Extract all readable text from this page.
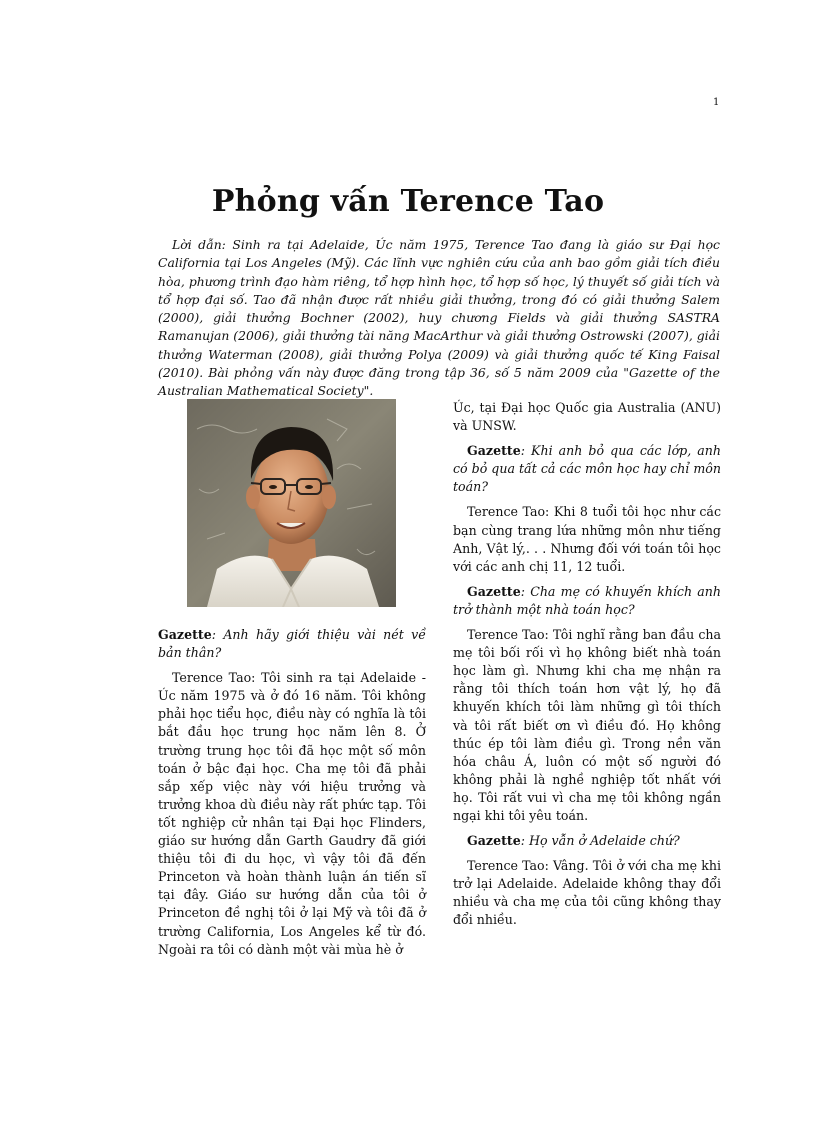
1
Phỏng vấn Terence Tao
Lời dẫn: Sinh ra tại Adelaide, Úc năm 1975, Terence Tao đang là giáo sư Đại học California tại Los Angeles (Mỹ). Các lĩnh vực nghiên cứu của anh bao gồm giải tích điều hòa, phương trình đạo hàm riêng, tổ hợp hình học, tổ hợp số học, lý thuyết số giải tích và tổ hợp đại số. Tao đã nhận được rất nhiều giải thưởng, trong đó có giải thưởng Salem (2000), giải thưởng Bochner (2002), huy chương Fields và giải thưởng SASTRA Ramanujan (2006), giải thưởng tài năng MacArthur và giải thưởng Ostrowski (2007), giải thưởng Waterman (2008), giải thưởng Polya (2009) và giải thưởng quốc tế King Faisal (2010). Bài phỏng vấn này được đăng trong tập 36, số 5 năm 2009 của "Gazette of the Australian Mathematical Society".

Gazette: Anh hãy giới thiệu vài nét về bản thân?

Terence Tao: Tôi sinh ra tại Adelaide - Úc năm 1975 và ở đó 16 năm. Tôi không phải học tiểu học, điều này có nghĩa là tôi bắt đầu học trung học năm lên 8. Ở trường trung học tôi đã học một số môn toán ở bậc đại học. Cha mẹ tôi đã phải sắp xếp việc này với hiệu trưởng và trưởng khoa dù điều này rất phức tạp. Tôi tốt nghiệp cử nhân tại Đại học Flinders, giáo sư hướng dẫn Garth Gaudry đã giới thiệu tôi đi du học, vì vậy tôi đã đến Princeton và hoàn thành luận án tiến sĩ tại đây. Giáo sư hướng dẫn của tôi ở Princeton đề nghị tôi ở lại Mỹ và tôi đã ở trường California, Los Angeles kể từ đó. Ngoài ra tôi có dành một vài mùa hè ở

Úc, tại Đại học Quốc gia Australia (ANU) và UNSW.

Gazette: Khi anh bỏ qua các lớp, anh có bỏ qua tất cả các môn học hay chỉ môn toán?

Terence Tao: Khi 8 tuổi tôi học như các bạn cùng trang lứa những môn như tiếng Anh, Vật lý,. . . Nhưng đối với toán tôi học với các anh chị 11, 12 tuổi.

Gazette: Cha mẹ có khuyến khích anh trở thành một nhà toán học?

Terence Tao: Tôi nghĩ rằng ban đầu cha mẹ tôi bối rối vì họ không biết nhà toán học làm gì. Nhưng khi cha mẹ nhận ra rằng tôi thích toán hơn vật lý, họ đã khuyến khích tôi làm những gì tôi thích và tôi rất biết ơn vì điều đó. Họ không thúc ép tôi làm điều gì. Trong nền văn hóa châu Á, luôn có một số người đó không phải là nghề nghiệp tốt nhất với họ. Tôi rất vui vì cha mẹ tôi không ngần ngại khi tôi yêu toán.

Gazette: Họ vẫn ở Adelaide chứ?

Terence Tao: Vâng. Tôi ở với cha mẹ khi trở lại Adelaide. Adelaide không thay đổi nhiều và cha mẹ của tôi cũng không thay đổi nhiều.
